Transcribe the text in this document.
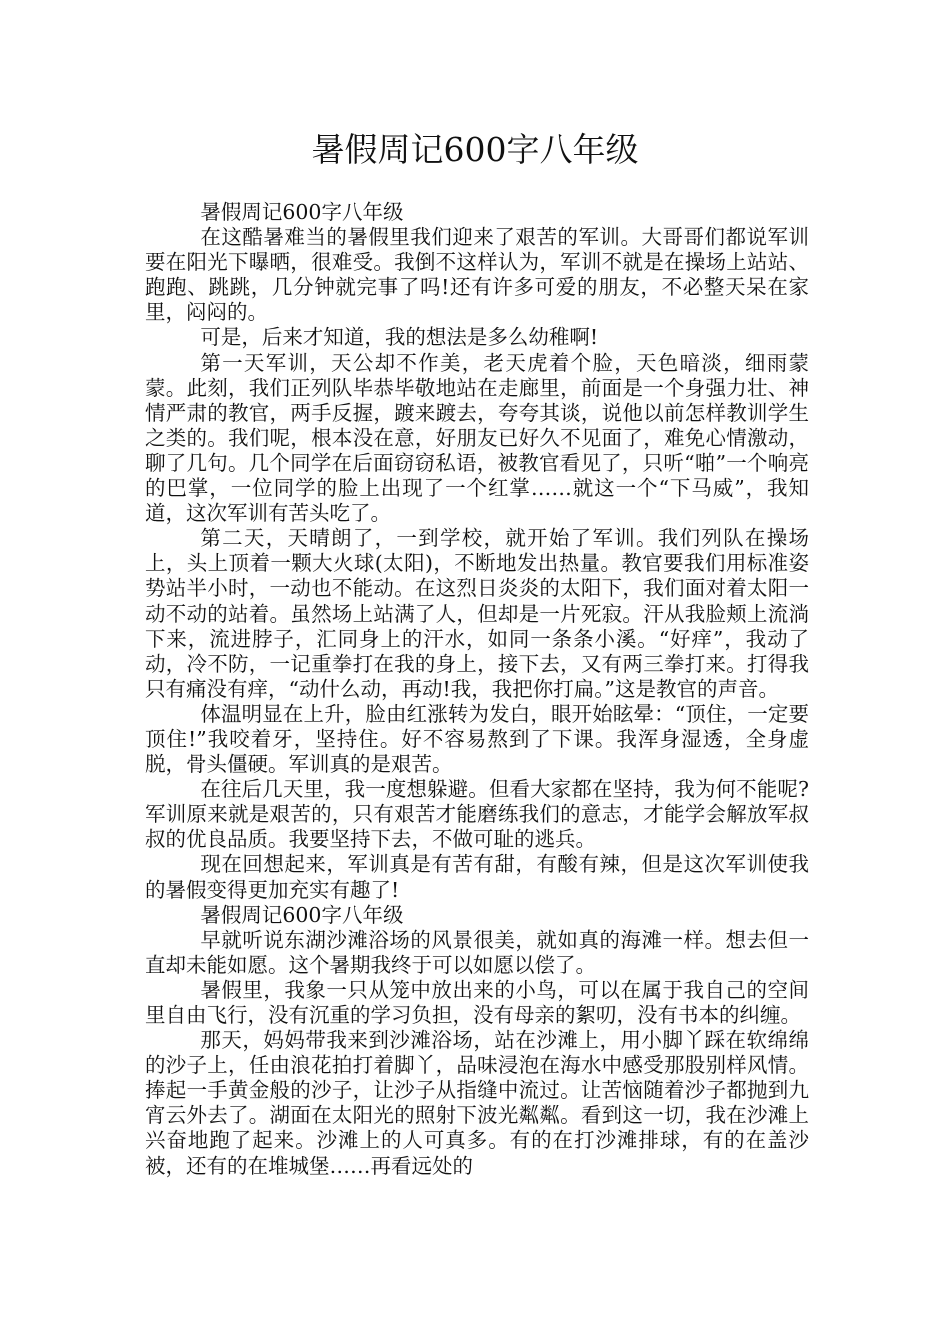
暑假周记600字八年级

暑假周记600字八年级

在这酷暑难当的暑假里我们迎来了艰苦的军训。大哥哥们都说军训要在阳光下曝晒，很难受。我倒不这样认为，军训不就是在操场上站站、跑跑、跳跳，几分钟就完事了吗!还有许多可爱的朋友，不必整天呆在家里，闷闷的。

可是，后来才知道，我的想法是多么幼稚啊!

第一天军训，天公却不作美，老天虎着个脸，天色暗淡，细雨蒙蒙。此刻，我们正列队毕恭毕敬地站在走廊里，前面是一个身强力壮、神情严肃的教官，两手反握，踱来踱去，夸夸其谈，说他以前怎样教训学生之类的。我们呢，根本没在意，好朋友已好久不见面了，难免心情激动，聊了几句。几个同学在后面窃窃私语，被教官看见了，只听“啪”一个响亮的巴掌，一位同学的脸上出现了一个红掌……就这一个“下马威”，我知道，这次军训有苦头吃了。

第二天，天晴朗了，一到学校，就开始了军训。我们列队在操场上，头上顶着一颗大火球(太阳)，不断地发出热量。教官要我们用标准姿势站半小时，一动也不能动。在这烈日炎炎的太阳下，我们面对着太阳一动不动的站着。虽然场上站满了人，但却是一片死寂。汗从我脸颊上流淌下来，流进脖子，汇同身上的汗水，如同一条条小溪。“好痒”，我动了动，冷不防，一记重拳打在我的身上，接下去，又有两三拳打来。打得我只有痛没有痒，“动什么动，再动!我，我把你打扁。”这是教官的声音。

体温明显在上升，脸由红涨转为发白，眼开始眩晕：“顶住，一定要顶住!”我咬着牙，坚持住。好不容易熬到了下课。我浑身湿透，全身虚脱，骨头僵硬。军训真的是艰苦。

在往后几天里，我一度想躲避。但看大家都在坚持，我为何不能呢?军训原来就是艰苦的，只有艰苦才能磨练我们的意志，才能学会解放军叔叔的优良品质。我要坚持下去，不做可耻的逃兵。

现在回想起来，军训真是有苦有甜，有酸有辣，但是这次军训使我的暑假变得更加充实有趣了!

暑假周记600字八年级

早就听说东湖沙滩浴场的风景很美，就如真的海滩一样。想去但一直却未能如愿。这个暑期我终于可以如愿以偿了。

暑假里，我象一只从笼中放出来的小鸟，可以在属于我自己的空间里自由飞行，没有沉重的学习负担，没有母亲的絮叨，没有书本的纠缠。

那天，妈妈带我来到沙滩浴场，站在沙滩上，用小脚丫踩在软绵绵的沙子上，任由浪花拍打着脚丫，品味浸泡在海水中感受那股别样风情。捧起一手黄金般的沙子，让沙子从指缝中流过。让苦恼随着沙子都抛到九宵云外去了。湖面在太阳光的照射下波光粼粼。看到这一切，我在沙滩上兴奋地跑了起来。沙滩上的人可真多。有的在打沙滩排球，有的在盖沙被，还有的在堆城堡……再看远处的
